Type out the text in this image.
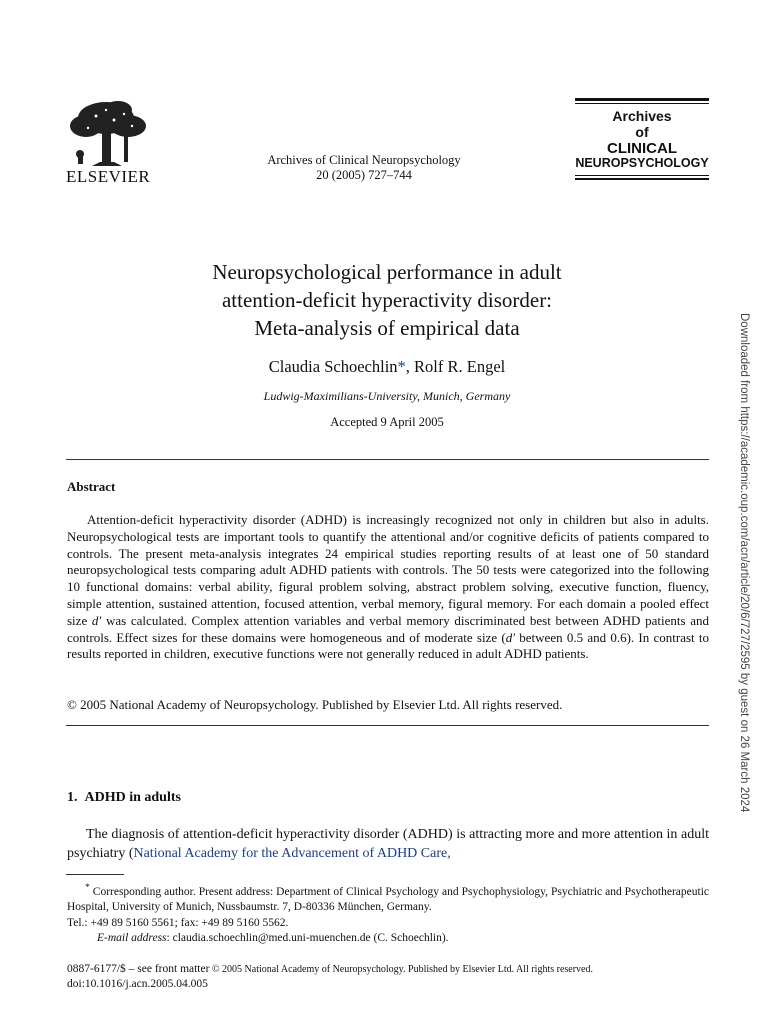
ELSEVIER
Archives of Clinical Neuropsychology
20 (2005) 727–744
Archives
of
CLINICAL
NEUROPSYCHOLOGY
Neuropsychological performance in adult
attention-deficit hyperactivity disorder:
Meta-analysis of empirical data
Claudia Schoechlin*, Rolf R. Engel
Ludwig-Maximilians-University, Munich, Germany
Accepted 9 April 2005
Abstract

Attention-deficit hyperactivity disorder (ADHD) is increasingly recognized not only in children but also in adults. Neuropsychological tests are important tools to quantify the attentional and/or cognitive deficits of patients compared to controls. The present meta-analysis integrates 24 empirical studies reporting results of at least one of 50 standard neuropsychological tests comparing adult ADHD patients with controls. The 50 tests were categorized into the following 10 functional domains: verbal ability, figural problem solving, abstract problem solving, executive function, fluency, simple attention, sustained attention, focused attention, verbal memory, figural memory. For each domain a pooled effect size d′ was calculated. Complex attention variables and verbal memory discriminated best between ADHD patients and controls. Effect sizes for these domains were homogeneous and of moderate size (d′ between 0.5 and 0.6). In contrast to results reported in children, executive functions were not generally reduced in adult ADHD patients.

© 2005 National Academy of Neuropsychology. Published by Elsevier Ltd. All rights reserved.
1.  ADHD in adults

The diagnosis of attention-deficit hyperactivity disorder (ADHD) is attracting more and more attention in adult psychiatry (National Academy for the Advancement of ADHD Care,

* Corresponding author. Present address: Department of Clinical Psychology and Psychophysiology, Psychiatric and Psychotherapeutic Hospital, University of Munich, Nussbaumstr. 7, D-80336 München, Germany.

Tel.: +49 89 5160 5561; fax: +49 89 5160 5562.

E-mail address: claudia.schoechlin@med.uni-muenchen.de (C. Schoechlin).

0887-6177/$ – see front matter © 2005 National Academy of Neuropsychology. Published by Elsevier Ltd. All rights reserved.
doi:10.1016/j.acn.2005.04.005
Downloaded from https://academic.oup.com/acn/article/20/6/727/2595 by guest on 26 March 2024
